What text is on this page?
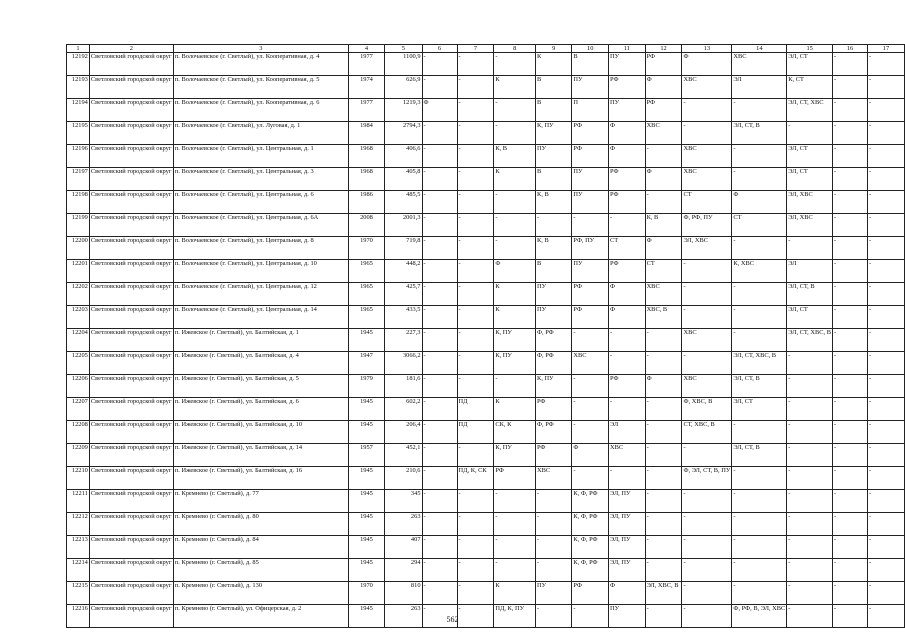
1	2	3	4	5	6	7	8	9	10	11	12	13	14	15	16	17
12192	Светловский городской округ	п. Волочаевское (г. Светлый), ул. Кооперативная, д. 4	1977	1100,9	-	-	-	К	В	ПУ	РФ	Ф	ХВС	ЭЛ, СТ	-	-
12193	Светловский городской округ	п. Волочаевское (г. Светлый), ул. Кооперативная, д. 5	1974	626,9	-	-	К	В	ПУ	РФ	Ф	ХВС	ЭЛ	К, СТ	-	-
12194	Светловский городской округ	п. Волочаевское (г. Светлый), ул. Кооперативная, д. 6	1977	1219,3	Ф	-	-	В	П	ПУ	РФ	-	-	ЭЛ, СТ, ХВС	-	-
12195	Светловский городской округ	п. Волочаевское (г. Светлый), ул. Луговая, д. 1	1984	2794,3	-	-	-	К, ПУ	РФ	Ф	ХВС	-	ЭЛ, СТ, В	-	-	-
12196	Светловский городской округ	п. Волочаевское (г. Светлый), ул. Центральная, д. 1	1968	406,6	-	-	К, В	ПУ	РФ	Ф	-	ХВС	-	ЭЛ, СТ	-	-
12197	Светловский городской округ	п. Волочаевское (г. Светлый), ул. Центральная, д. 3	1968	405,8	-	-	К	В	ПУ	РФ	Ф	ХВС	-	ЭЛ, СТ	-	-
12198	Светловский городской округ	п. Волочаевское (г. Светлый), ул. Центральная, д. 6	1986	485,5	-	-	-	К, В	ПУ	РФ	-	СТ	Ф	ЭЛ, ХВС	-	-
12199	Светловский городской округ	п. Волочаевское (г. Светлый), ул. Центральная, д. 6А	2008	2001,3	-	-	-	-	-	-	К, В	Ф, РФ, ПУ	СТ	ЭЛ, ХВС	-	-
12200	Светловский городской округ	п. Волочаевское (г. Светлый), ул. Центральная, д. 8	1970	719,8	-	-	-	К, В	РФ, ПУ	СТ	Ф	ЭЛ, ХВС	-	-	-	-
12201	Светловский городской округ	п. Волочаевское (г. Светлый), ул. Центральная, д. 10	1965	448,2	-	-	Ф	В	ПУ	РФ	СТ	-	К, ХВС	ЭЛ	-	-
12202	Светловский городской округ	п. Волочаевское (г. Светлый), ул. Центральная, д. 12	1965	425,7	-	-	К	ПУ	РФ	Ф	ХВС	-	-	ЭЛ, СТ, В	-	-
12203	Светловский городской округ	п. Волочаевское (г. Светлый), ул. Центральная, д. 14	1965	433,5	-	-	К	ПУ	РФ	Ф	ХВС, В	-	-	ЭЛ, СТ	-	-
12204	Светловский городской округ	п. Ижевское (г. Светлый), ул. Балтийская, д. 1	1945	227,3	-	-	К, ПУ	Ф, РФ	-	-	-	ХВС	-	ЭЛ, СТ, ХВС, В	-	-
12205	Светловский городской округ	п. Ижевское (г. Светлый), ул. Балтийская, д. 4	1947	3066,2	-	-	К, ПУ	Ф, РФ	ХВС	-	-	-	ЭЛ, СТ, ХВС, В	-	-	-
12206	Светловский городской округ	п. Ижевское (г. Светлый), ул. Балтийская, д. 5	1979	181,6	-	-	-	К, ПУ	-	РФ	Ф	ХВС	ЭЛ, СТ, В	-	-	-
12207	Светловский городской округ	п. Ижевское (г. Светлый), ул. Балтийская, д. 6	1945	602,2	-	ПД	К	РФ	-	-	-	Ф, ХВС, В	ЭЛ, СТ	-	-	-
12208	Светловский городской округ	п. Ижевское (г. Светлый), ул. Балтийская, д. 10	1945	206,4	-	ПД	СК, К	Ф, РФ	-	ЭЛ	-	СТ, ХВС, В	-	-	-	-
12209	Светловский городской округ	п. Ижевское (г. Светлый), ул. Балтийская, д. 14	1957	452,1	-	-	К, ПУ	РФ	Ф	ХВС	-	-	ЭЛ, СТ, В	-	-	-
12210	Светловский городской округ	п. Ижевское (г. Светлый), ул. Балтийская, д. 16	1945	210,6	-	ПД, К, СК	РФ	ХВС	-	-	-	Ф, ЭЛ, СТ, В, ПУ	-	-	-	-
12211	Светловский городской округ	п. Кремнево (г. Светлый), д. 77	1945	345	-	-	-	-	К, Ф, РФ	ЭЛ, ПУ	-	-	-	-	-	-
12212	Светловский городской округ	п. Кремнево (г. Светлый), д. 80	1945	263	-	-	-	-	К, Ф, РФ	ЭЛ, ПУ	-	-	-	-	-	-
12213	Светловский городской округ	п. Кремнево (г. Светлый), д. 84	1945	407	-	-	-	-	К, Ф, РФ	ЭЛ, ПУ	-	-	-	-	-	-
12214	Светловский городской округ	п. Кремнево (г. Светлый), д. 85	1945	294	-	-	-	-	К, Ф, РФ	ЭЛ, ПУ	-	-	-	-	-	-
12215	Светловский городской округ	п. Кремнево (г. Светлый), д. 130	1970	810	-	-	К	ПУ	РФ	Ф	ЭЛ, ХВС, В	-	-	-	-	-
12216	Светловский городской округ	п. Кремнево (г. Светлый), ул. Офицерская, д. 2	1945	263	-	-	ПД, К, ПУ	-	-	ПУ	-	-	Ф, РФ, В, ЭЛ, ХВС	-	-	-
562
